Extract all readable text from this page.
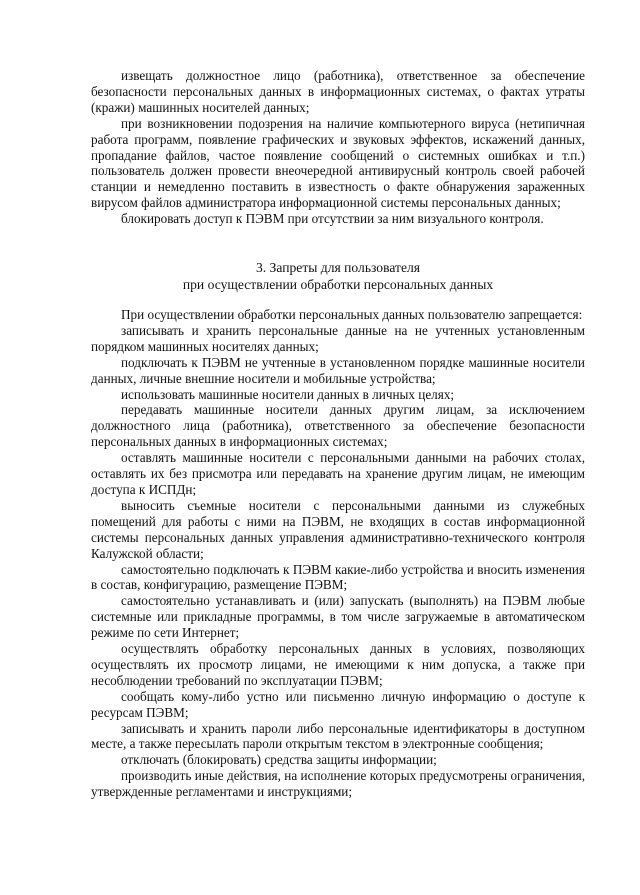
извещать должностное лицо (работника), ответственное за обеспечение безопасности персональных данных в информационных системах, о фактах утраты (кражи) машинных носителей данных;

при возникновении подозрения на наличие компьютерного вируса (нетипичная работа программ, появление графических и звуковых эффектов, искажений данных, пропадание файлов, частое появление сообщений о системных ошибках и т.п.) пользователь должен провести внеочередной антивирусный контроль своей рабочей станции и немедленно поставить в известность о факте обнаружения зараженных вирусом файлов администратора информационной системы персональных данных;

блокировать доступ к ПЭВМ при отсутствии за ним визуального контроля.

3. Запреты для пользователя
при осуществлении обработки персональных данных

При осуществлении обработки персональных данных пользователю запрещается:

записывать и хранить персональные данные на не учтенных установленным порядком машинных носителях данных;

подключать к ПЭВМ не учтенные в установленном порядке машинные носители данных, личные внешние носители и мобильные устройства;

использовать машинные носители данных в личных целях;

передавать машинные носители данных другим лицам, за исключением должностного лица (работника), ответственного за обеспечение безопасности персональных данных в информационных системах;

оставлять машинные носители с персональными данными на рабочих столах, оставлять их без присмотра или передавать на хранение другим лицам, не имеющим доступа к ИСПДн;

выносить съемные носители с персональными данными из служебных помещений для работы с ними на ПЭВМ, не входящих в состав информационной системы персональных данных управления административно-технического контроля Калужской области;

самостоятельно подключать к ПЭВМ какие-либо устройства и вносить изменения в состав, конфигурацию, размещение ПЭВМ;

самостоятельно устанавливать и (или) запускать (выполнять) на ПЭВМ любые системные или прикладные программы, в том числе загружаемые в автоматическом режиме по сети Интернет;

осуществлять обработку персональных данных в условиях, позволяющих осуществлять их просмотр лицами, не имеющими к ним допуска, а также при несоблюдении требований по эксплуатации ПЭВМ;

сообщать кому-либо устно или письменно личную информацию о доступе к ресурсам ПЭВМ;

записывать и хранить пароли либо персональные идентификаторы в доступном месте, а также пересылать пароли открытым текстом в электронные сообщения;

отключать (блокировать) средства защиты информации;

производить иные действия, на исполнение которых предусмотрены ограничения, утвержденные регламентами и инструкциями;
